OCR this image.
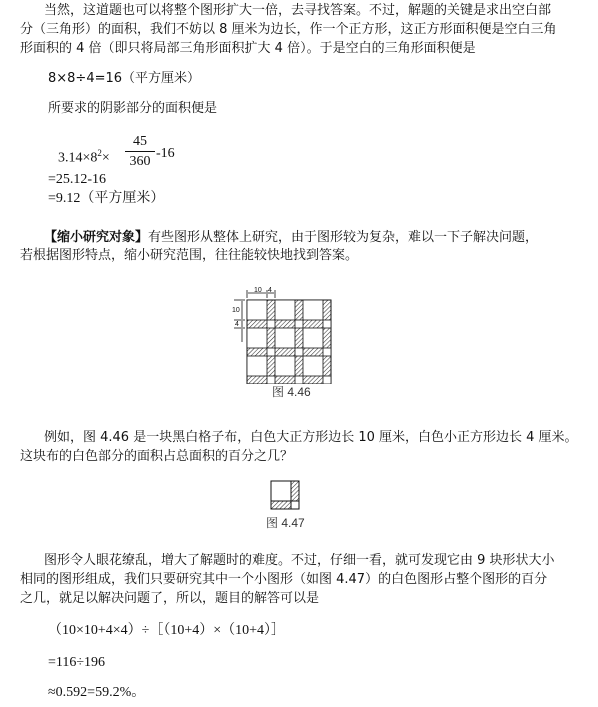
当然，这道题也可以将整个图形扩大一倍，去寻找答案。不过，解题的关键是求出空白部
分（三角形）的面积，我们不妨以 8 厘米为边长，作一个正方形，这正方形面积便是空白三角
形面积的 4 倍（即只将局部三角形面积扩大 4 倍）。于是空白的三角形面积便是
8×8÷4=16（平方厘米）
所要求的阴影部分的面积便是
$3.14\times 8^2\times$
45
360
-16
=25.12-16
=9.12（平方厘米）
【缩小研究对象】有些图形从整体上研究，由于图形较为复杂，难以一下子解决问题，
若根据图形特点，缩小研究范围，往往能较快地找到答案。
10 4
10
4
图 4.46
例如，图 4.46 是一块黑白格子布，白色大正方形边长 10 厘米，白色小正方形边长 4 厘米。
这块布的白色部分的面积占总面积的百分之几？
图 4.47
图形令人眼花缭乱，增大了解题时的难度。不过，仔细一看，就可发现它由 9 块形状大小
相同的图形组成，我们只要研究其中一个小图形（如图 4.47）的白色图形占整个图形的百分
之几，就足以解决问题了，所以，题目的解答可以是
（10×10+4×4）÷［（10+4）×（10+4）］
=116÷196
≈0.592=59.2%。
